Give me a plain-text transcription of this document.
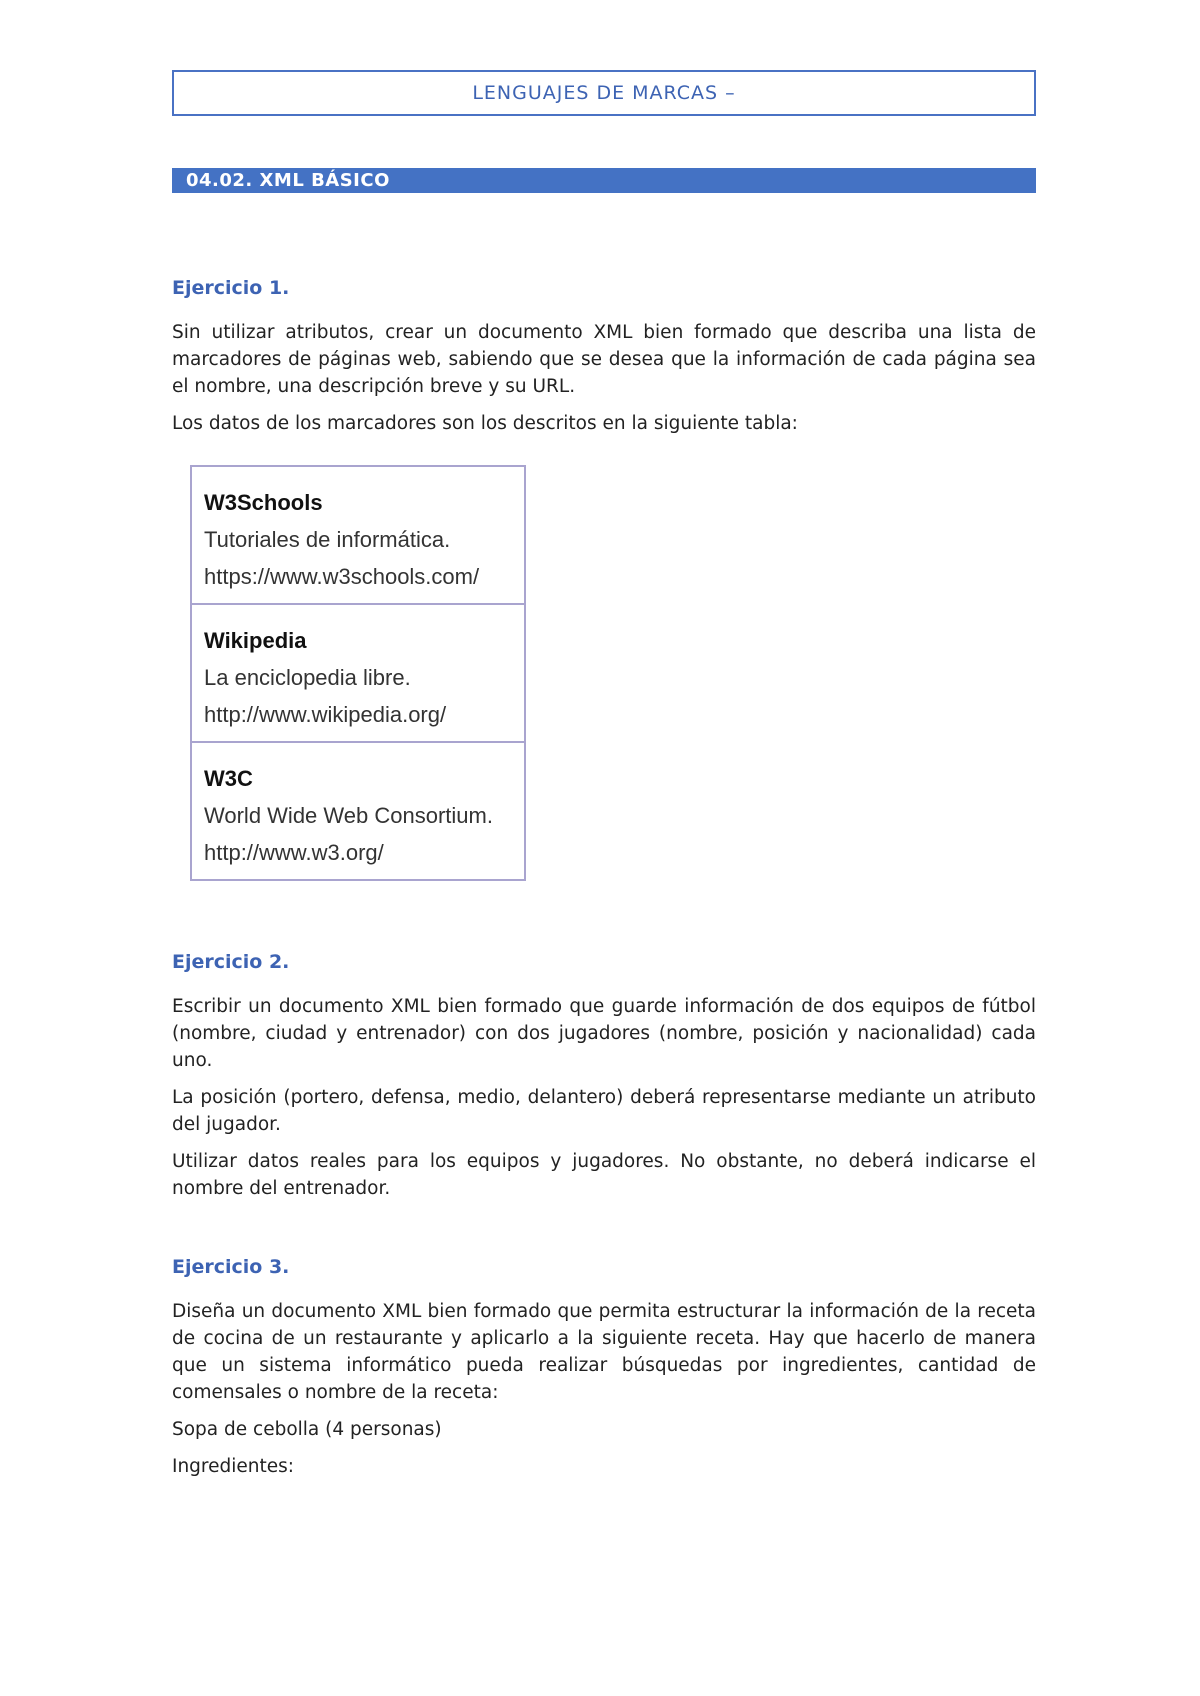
LENGUAJES DE MARCAS –
04.02. XML BÁSICO

Ejercicio 1.

Sin utilizar atributos, crear un documento XML bien formado que describa una lista de marcadores de páginas web, sabiendo que se desea que la información de cada página sea el nombre, una descripción breve y su URL.

Los datos de los marcadores son los descritos en la siguiente tabla:

W3Schools
Tutoriales de informática.
https://www.w3schools.com/
Wikipedia
La enciclopedia libre.
http://www.wikipedia.org/
W3C
World Wide Web Consortium.
http://www.w3.org/

Ejercicio 2.

Escribir un documento XML bien formado que guarde información de dos equipos de fútbol (nombre, ciudad y entrenador) con dos jugadores (nombre, posición y nacionalidad) cada uno.

La posición (portero, defensa, medio, delantero) deberá representarse mediante un atributo del jugador.

Utilizar datos reales para los equipos y jugadores. No obstante, no deberá indicarse el nombre del entrenador.

Ejercicio 3.

Diseña un documento XML bien formado que permita estructurar la información de la receta de cocina de un restaurante y aplicarlo a la siguiente receta. Hay que hacerlo de manera que un sistema informático pueda realizar búsquedas por ingredientes, cantidad de comensales o nombre de la receta:

Sopa de cebolla (4 personas)

Ingredientes:
